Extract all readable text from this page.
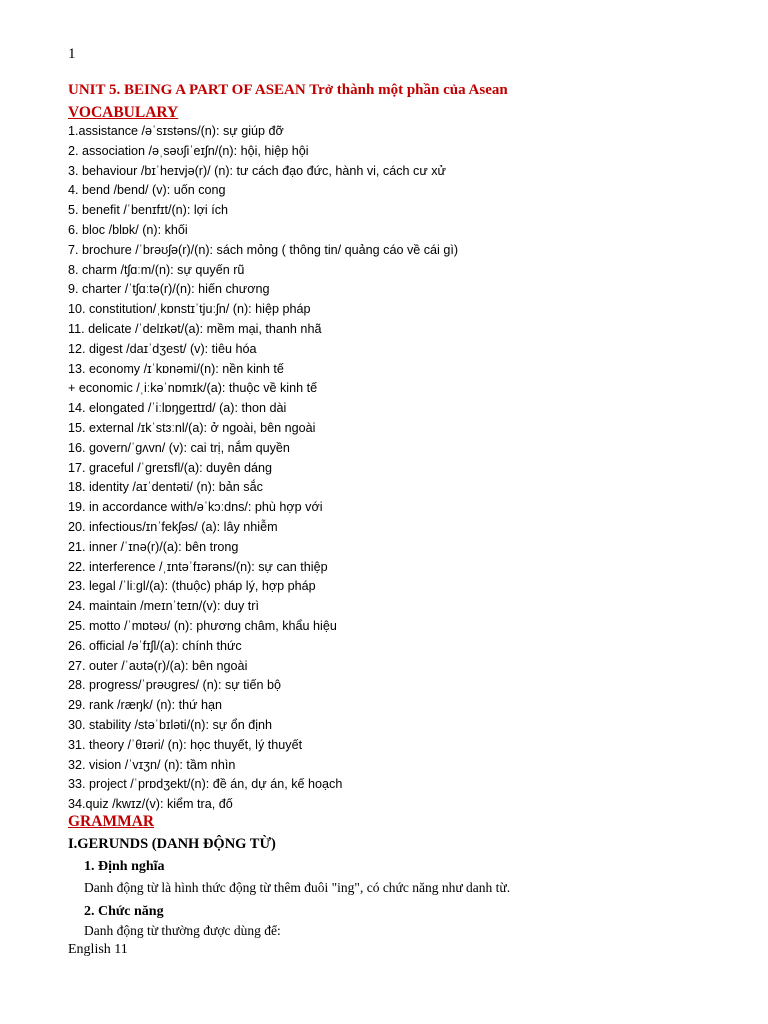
1
UNIT 5. BEING A PART OF ASEAN Trở thành một phần của Asean
VOCABULARY
1.assistance /əˈsɪstəns/(n): sự giúp đỡ
2. association /əˌsəʊʃiˈeɪʃn/(n): hội, hiệp hội
3. behaviour /bɪˈheɪvjə(r)/ (n): tư cách đạo đức, hành vi, cách cư xử
4. bend /bend/ (v): uốn cong
5. benefit /ˈbenɪfɪt/(n): lợi ích
6. bloc /blɒk/ (n): khối
7. brochure /ˈbrəʊʃə(r)/(n): sách mỏng ( thông tin/ quảng cáo về cái gì)
8. charm /tʃɑːm/(n): sự quyến rũ
9. charter /ˈtʃɑːtə(r)/(n): hiến chương
10. constitution/ˌkɒnstɪˈtjuːʃn/ (n): hiệp pháp
11. delicate /ˈdelɪkət/(a): mềm mại, thanh nhã
12. digest /daɪˈdʒest/ (v): tiêu hóa
13. economy /ɪˈkɒnəmi/(n): nền kinh tế
+ economic /ˌiːkəˈnɒmɪk/(a): thuộc về kinh tế
14. elongated /ˈiːlɒŋɡeɪtɪd/ (a): thon dài
15. external /ɪkˈstɜːnl/(a): ở ngoài, bên ngoài
16. govern/ˈɡʌvn/ (v): cai trị, nắm quyền
17. graceful /ˈɡreɪsfl/(a): duyên dáng
18. identity /aɪˈdentəti/ (n): bản sắc
19. in accordance with/əˈkɔːdns/: phù hợp với
20. infectious/ɪnˈfekʃəs/ (a): lây nhiễm
21. inner /ˈɪnə(r)/(a): bên trong
22. interference /ˌɪntəˈfɪərəns/(n): sự can thiệp
23. legal /ˈliːɡl/(a): (thuộc) pháp lý, hợp pháp
24. maintain /meɪnˈteɪn/(v): duy trì
25. motto /ˈmɒtəʊ/ (n): phương châm, khẩu hiệu
26. official /əˈfɪʃl/(a): chính thức
27. outer /ˈaʊtə(r)/(a): bên ngoài
28. progress/ˈprəʊɡres/ (n): sự tiến bộ
29. rank /ræŋk/ (n): thứ hạn
30. stability /stəˈbɪləti/(n): sự ổn định
31. theory /ˈθɪəri/ (n): học thuyết, lý thuyết
32. vision /ˈvɪʒn/ (n): tầm nhìn
33. project /ˈprɒdʒekt/(n): đề án, dự án, kế hoạch
34.quiz /kwɪz/(v): kiểm tra, đố
GRAMMAR
I.GERUNDS (DANH ĐỘNG TỪ)
1. Định nghĩa
Danh động từ là hình thức động từ thêm đuôi "ing", có chức năng như danh từ.
2. Chức năng
Danh động từ thường được dùng để:
English 11
